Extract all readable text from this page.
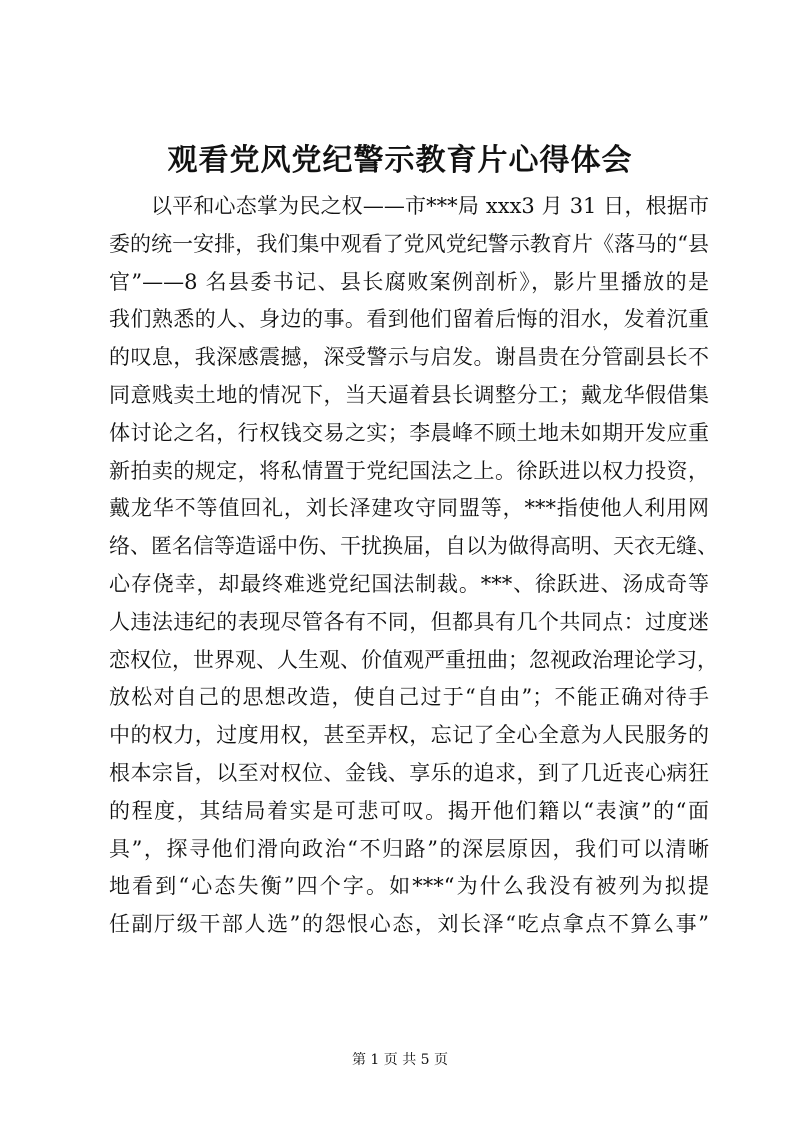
观看党风党纪警示教育片心得体会
以平和心态掌为民之权——市***局 xxx3 月 31 日，根据市
委的统一安排，我们集中观看了党风党纪警示教育片《落马的“县
官”——8 名县委书记、县长腐败案例剖析》，影片里播放的是
我们熟悉的人、身边的事。看到他们留着后悔的泪水，发着沉重
的叹息，我深感震撼，深受警示与启发。谢昌贵在分管副县长不
同意贱卖土地的情况下，当天逼着县长调整分工；戴龙华假借集
体讨论之名，行权钱交易之实；李晨峰不顾土地未如期开发应重
新拍卖的规定，将私情置于党纪国法之上。徐跃进以权力投资，
戴龙华不等值回礼，刘长泽建攻守同盟等，***指使他人利用网
络、匿名信等造谣中伤、干扰换届，自以为做得高明、天衣无缝、
心存侥幸，却最终难逃党纪国法制裁。***、徐跃进、汤成奇等
人违法违纪的表现尽管各有不同，但都具有几个共同点：过度迷
恋权位，世界观、人生观、价值观严重扭曲；忽视政治理论学习，
放松对自己的思想改造，使自己过于“自由”；不能正确对待手
中的权力，过度用权，甚至弄权，忘记了全心全意为人民服务的
根本宗旨，以至对权位、金钱、享乐的追求，到了几近丧心病狂
的程度，其结局着实是可悲可叹。揭开他们籍以“表演”的“面
具”，探寻他们滑向政治“不归路”的深层原因，我们可以清晰
地看到“心态失衡”四个字。如***“为什么我没有被列为拟提
任副厅级干部人选”的怨恨心态，刘长泽“吃点拿点不算么事”
第 1 页 共 5 页
